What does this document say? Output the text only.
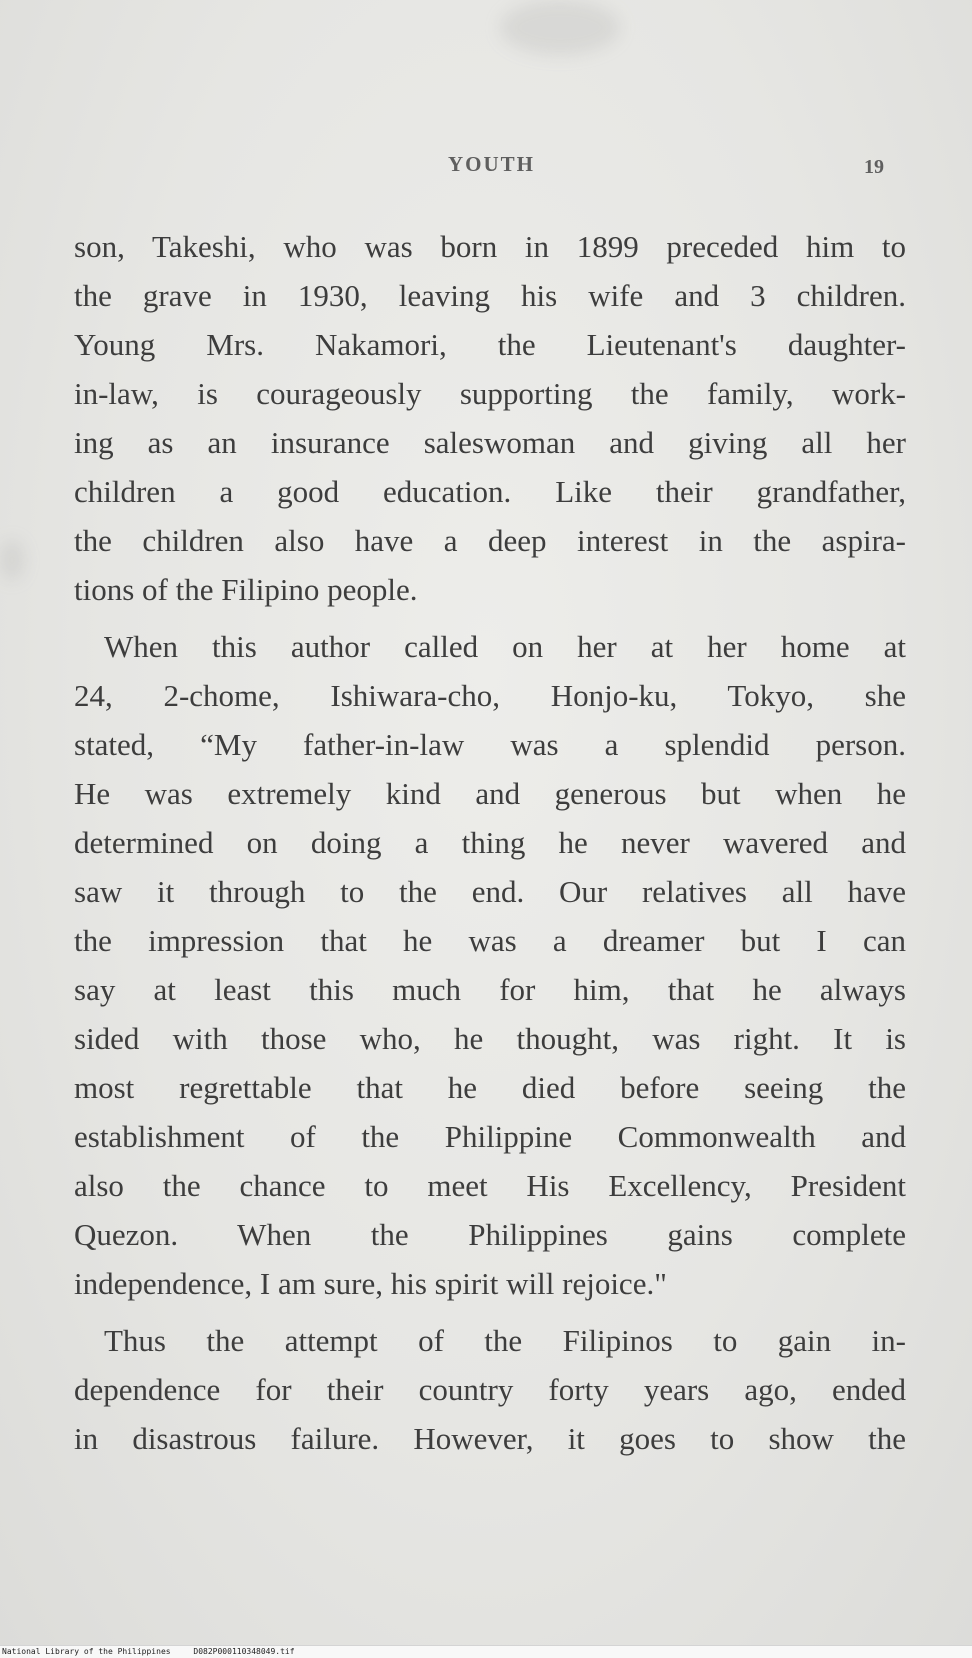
YOUTH	19
son, Takeshi, who was born in 1899 preceded him to
the grave in 1930, leaving his wife and 3 children.
Young Mrs. Nakamori, the Lieutenant's daughter-
in-law, is courageously supporting the family, work-
ing as an insurance saleswoman and giving all her
children a good education. Like their grandfather,
the children also have a deep interest in the aspira-
tions of the Filipino people.
When this author called on her at her home at
24, 2-chome, Ishiwara-cho, Honjo-ku, Tokyo, she
stated, “My father-in-law was a splendid person.
He was extremely kind and generous but when he
determined on doing a thing he never wavered and
saw it through to the end. Our relatives all have
the impression that he was a dreamer but I can
say at least this much for him, that he always
sided with those who, he thought, was right. It is
most regrettable that he died before seeing the
establishment of the Philippine Commonwealth and
also the chance to meet His Excellency, President
Quezon. When the Philippines gains complete
independence, I am sure, his spirit will rejoice."
Thus the attempt of the Filipinos to gain in-
dependence for their country forty years ago, ended
in disastrous failure. However, it goes to show the
National Library of the Philippines	D082P000110348049.tif
